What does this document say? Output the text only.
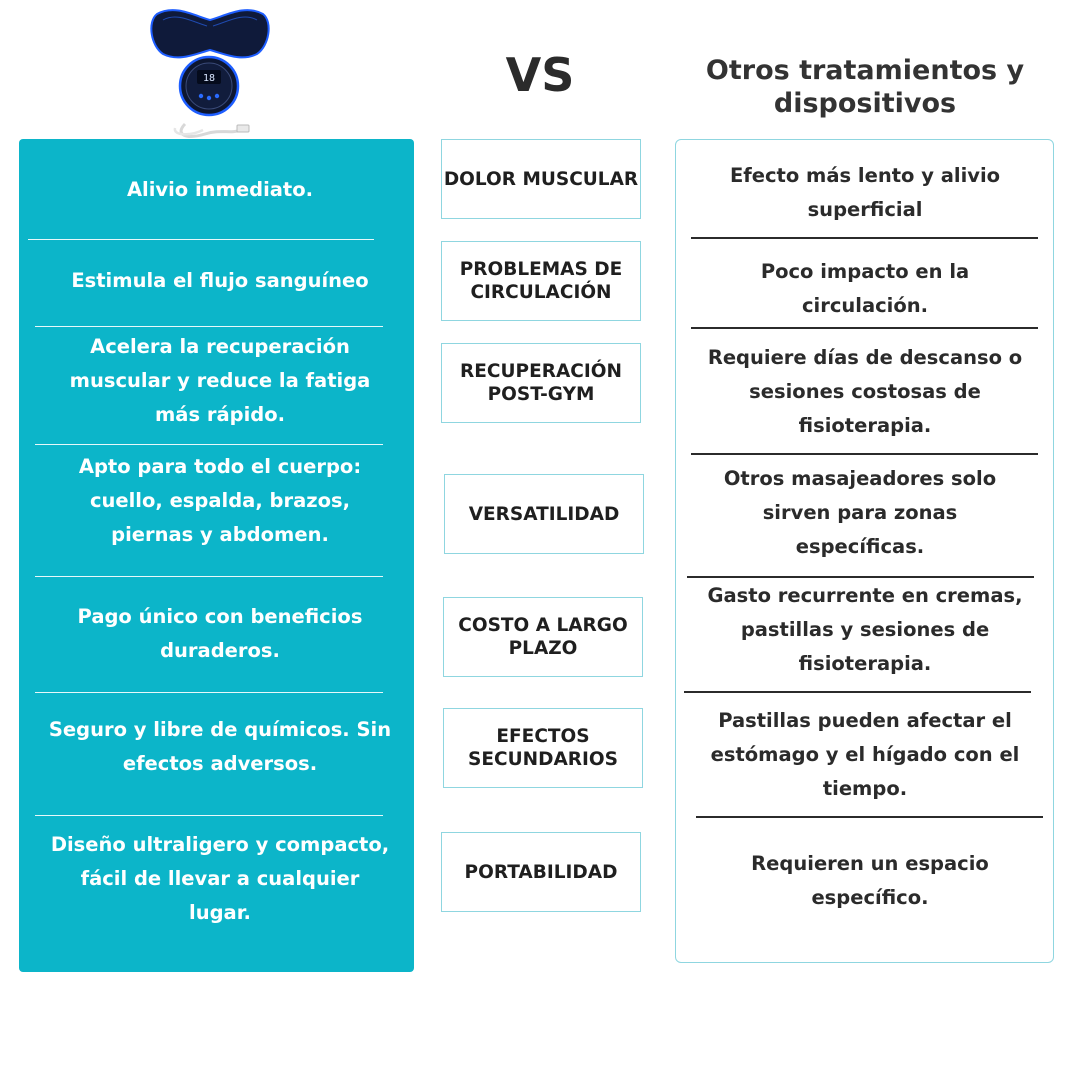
18	VS	Otros tratamientos y
dispositivos
Alivio inmediato.
Estimula el flujo sanguíneo
Acelera la recuperación muscular y reduce la fatiga más rápido.
Apto para todo el cuerpo: cuello, espalda, brazos, piernas y abdomen.
Pago único con beneficios duraderos.
Seguro y libre de químicos. Sin efectos adversos.
Diseño ultraligero y compacto, fácil de llevar a cualquier lugar.
DOLOR MUSCULAR
PROBLEMAS DE CIRCULACIÓN
RECUPERACIÓN POST-GYM
VERSATILIDAD
COSTO A LARGO PLAZO
EFECTOS SECUNDARIOS
PORTABILIDAD
Efecto más lento y alivio superficial
Poco impacto en la circulación.
Requiere días de descanso o sesiones costosas de fisioterapia.
Otros masajeadores solo sirven para zonas específicas.
Gasto recurrente en cremas, pastillas y sesiones de fisioterapia.
Pastillas pueden afectar el estómago y el hígado con el tiempo.
Requieren un espacio específico.
